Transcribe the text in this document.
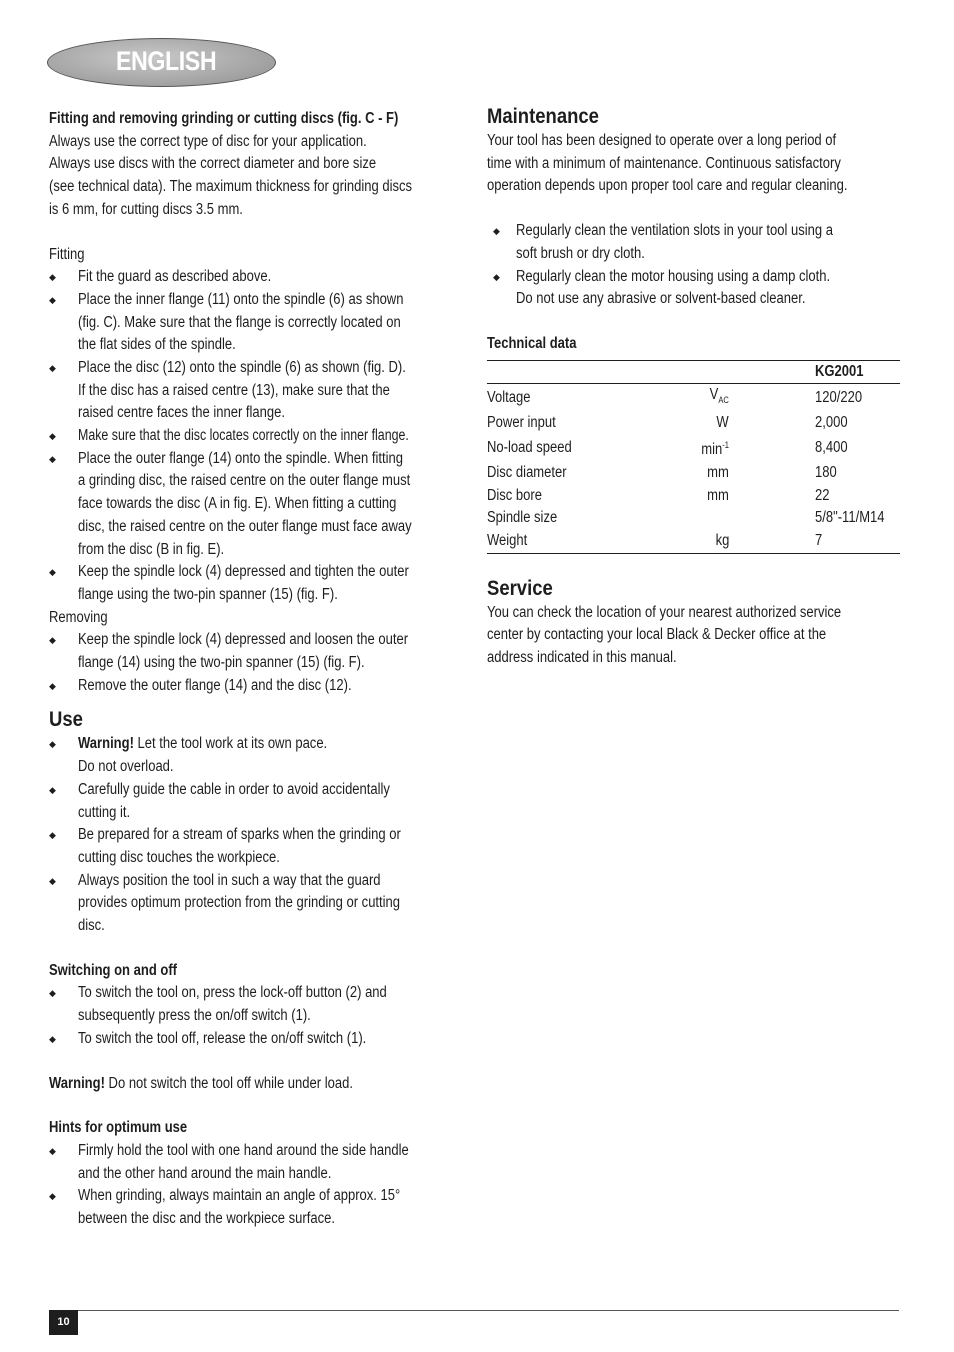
ENGLISH
Fitting and removing grinding or cutting discs (fig. C - F)
Always use the correct type of disc for your application.
Always use discs with the correct diameter and bore size
(see technical data). The maximum thickness for grinding discs
is 6 mm, for cutting discs 3.5 mm.
Fitting
◆ Fit the guard as described above.
◆ Place the inner flange (11) onto the spindle (6) as shown
(fig. C). Make sure that the flange is correctly located on
the flat sides of the spindle.
◆ Place the disc (12) onto the spindle (6) as shown (fig. D).
If the disc has a raised centre (13), make sure that the
raised centre faces the inner flange.
◆ Make sure that the disc locates correctly on the inner flange.
◆ Place the outer flange (14) onto the spindle. When fitting
a grinding disc, the raised centre on the outer flange must
face towards the disc (A in fig. E). When fitting a cutting
disc, the raised centre on the outer flange must face away
from the disc (B in fig. E).
◆ Keep the spindle lock (4) depressed and tighten the outer
flange using the two-pin spanner (15) (fig. F).
Removing
◆ Keep the spindle lock (4) depressed and loosen the outer
flange (14) using the two-pin spanner (15) (fig. F).
◆ Remove the outer flange (14) and the disc (12).
Use
◆ Warning! Let the tool work at its own pace.
Do not overload.
◆ Carefully guide the cable in order to avoid accidentally
cutting it.
◆ Be prepared for a stream of sparks when the grinding or
cutting disc touches the workpiece.
◆ Always position the tool in such a way that the guard
provides optimum protection from the grinding or cutting
disc.
Switching on and off
◆ To switch the tool on, press the lock-off button (2) and
subsequently press the on/off switch (1).
◆ To switch the tool off, release the on/off switch (1).
Warning! Do not switch the tool off while under load.
Hints for optimum use
◆ Firmly hold the tool with one hand around the side handle
and the other hand around the main handle.
◆ When grinding, always maintain an angle of approx. 15°
between the disc and the workpiece surface.
Maintenance
Your tool has been designed to operate over a long period of
time with a minimum of maintenance. Continuous satisfactory
operation depends upon proper tool care and regular cleaning.
◆ Regularly clean the ventilation slots in your tool using a
soft brush or dry cloth.
◆ Regularly clean the motor housing using a damp cloth.
Do not use any abrasive or solvent-based cleaner.
Technical data
		KG2001
Voltage	$V_{AC}$	120/220
Power input	W	2,000
No-load speed	$\min^{-1}$	8,400
Disc diameter	mm	180
Disc bore	mm	22
Spindle size		5/8"-11/M14
Weight	kg	7
Service
You can check the location of your nearest authorized service
center by contacting your local Black & Decker office at the
address indicated in this manual.
10
